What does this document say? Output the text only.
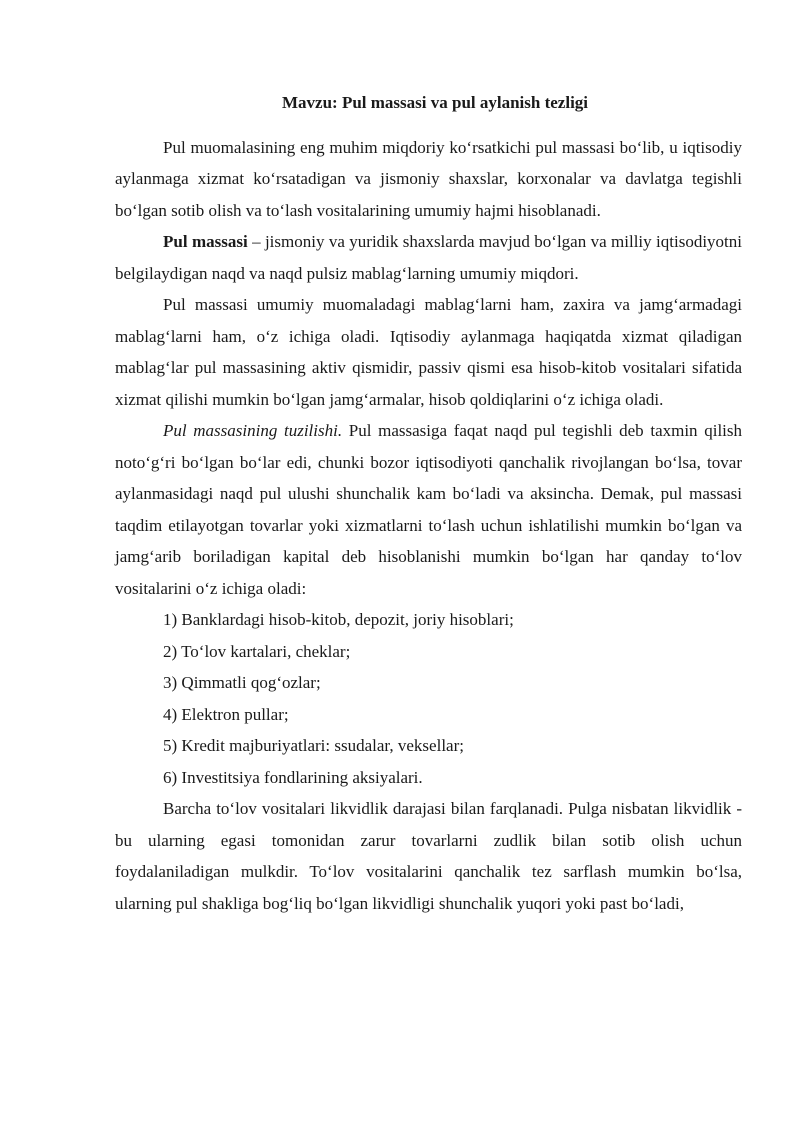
Mavzu: Pul massasi va pul aylanish tezligi

Pul muomalasining eng muhim miqdoriy ko‘rsatkichi pul massasi bo‘lib, u iqtisodiy aylanmaga xizmat ko‘rsatadigan va jismoniy shaxslar, korxonalar va davlatga tegishli bo‘lgan sotib olish va to‘lash vositalarining umumiy hajmi hisoblanadi.

Pul massasi – jismoniy va yuridik shaxslarda mavjud bo‘lgan va milliy iqtisodiyotni belgilaydigan naqd va naqd pulsiz mablag‘larning umumiy miqdori.

Pul massasi umumiy muomaladagi mablag‘larni ham, zaxira va jamg‘armadagi mablag‘larni ham, o‘z ichiga oladi. Iqtisodiy aylanmaga haqiqatda xizmat qiladigan mablag‘lar pul massasining aktiv qismidir, passiv qismi esa hisob-kitob vositalari sifatida xizmat qilishi mumkin bo‘lgan jamg‘armalar, hisob qoldiqlarini o‘z ichiga oladi.

Pul massasining tuzilishi. Pul massasiga faqat naqd pul tegishli deb taxmin qilish noto‘g‘ri bo‘lgan bo‘lar edi, chunki bozor iqtisodiyoti qanchalik rivojlangan bo‘lsa, tovar aylanmasidagi naqd pul ulushi shunchalik kam bo‘ladi va aksincha. Demak, pul massasi taqdim etilayotgan tovarlar yoki xizmatlarni to‘lash uchun ishlatilishi mumkin bo‘lgan va jamg‘arib boriladigan kapital deb hisoblanishi mumkin bo‘lgan har qanday to‘lov vositalarini o‘z ichiga oladi:

1) Banklardagi hisob-kitob, depozit, joriy hisoblari;
2) To‘lov kartalari, cheklar;
3) Qimmatli qog‘ozlar;
4) Elektron pullar;
5) Kredit majburiyatlari: ssudalar, veksellar;
6) Investitsiya fondlarining aksiyalari.

Barcha to‘lov vositalari likvidlik darajasi bilan farqlanadi. Pulga nisbatan likvidlik - bu ularning egasi tomonidan zarur tovarlarni zudlik bilan sotib olish uchun foydalaniladigan mulkdir. To‘lov vositalarini qanchalik tez sarflash mumkin bo‘lsa, ularning pul shakliga bog‘liq bo‘lgan likvidligi shunchalik yuqori yoki past bo‘ladi,
